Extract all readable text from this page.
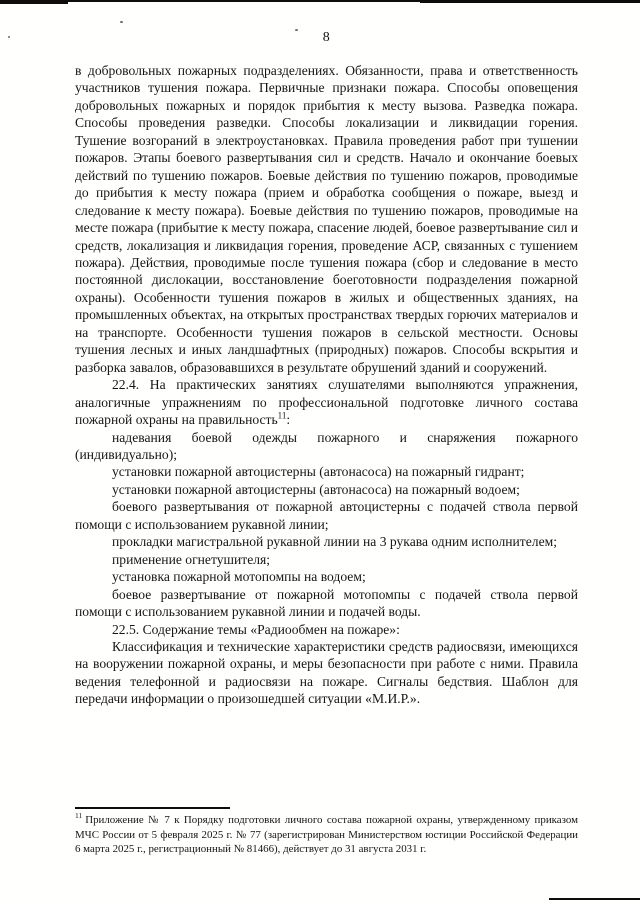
8

в добровольных пожарных подразделениях. Обязанности, права и ответственность участников тушения пожара. Первичные признаки пожара. Способы оповещения добровольных пожарных и порядок прибытия к месту вызова. Разведка пожара. Способы проведения разведки. Способы локализации и ликвидации горения. Тушение возгораний в электроустановках. Правила проведения работ при тушении пожаров. Этапы боевого развертывания сил и средств. Начало и окончание боевых действий по тушению пожаров. Боевые действия по тушению пожаров, проводимые до прибытия к месту пожара (прием и обработка сообщения о пожаре, выезд и следование к месту пожара). Боевые действия по тушению пожаров, проводимые на месте пожара (прибытие к месту пожара, спасение людей, боевое развертывание сил и средств, локализация и ликвидация горения, проведение АСР, связанных с тушением пожара). Действия, проводимые после тушения пожара (сбор и следование в место постоянной дислокации, восстановление боеготовности подразделения пожарной охраны). Особенности тушения пожаров в жилых и общественных зданиях, на промышленных объектах, на открытых пространствах твердых горючих материалов и на транспорте. Особенности тушения пожаров в сельской местности. Основы тушения лесных и иных ландшафтных (природных) пожаров. Способы вскрытия и разборка завалов, образовавшихся в результате обрушений зданий и сооружений.

22.4. На практических занятиях слушателями выполняются упражнения, аналогичные упражнениям по профессиональной подготовке личного состава пожарной охраны на правильность$^{11}$:

надевания боевой одежды пожарного и снаряжения пожарного (индивидуально);

установки пожарной автоцистерны (автонасоса) на пожарный гидрант;

установки пожарной автоцистерны (автонасоса) на пожарный водоем;

боевого развертывания от пожарной автоцистерны с подачей ствола первой помощи с использованием рукавной линии;

прокладки магистральной рукавной линии на 3 рукава одним исполнителем;

применение огнетушителя;

установка пожарной мотопомпы на водоем;

боевое развертывание от пожарной мотопомпы с подачей ствола первой помощи с использованием рукавной линии и подачей воды.

22.5. Содержание темы «Радиообмен на пожаре»:

Классификация и технические характеристики средств радиосвязи, имеющихся на вооружении пожарной охраны, и меры безопасности при работе с ними. Правила ведения телефонной и радиосвязи на пожаре. Сигналы бедствия. Шаблон для передачи информации о произошедшей ситуации «М.И.Р.».

$^{11}$ Приложение № 7 к Порядку подготовки личного состава пожарной охраны, утвержденному приказом МЧС России от 5 февраля 2025 г. № 77 (зарегистрирован Министерством юстиции Российской Федерации 6 марта 2025 г., регистрационный № 81466), действует до 31 августа 2031 г.
